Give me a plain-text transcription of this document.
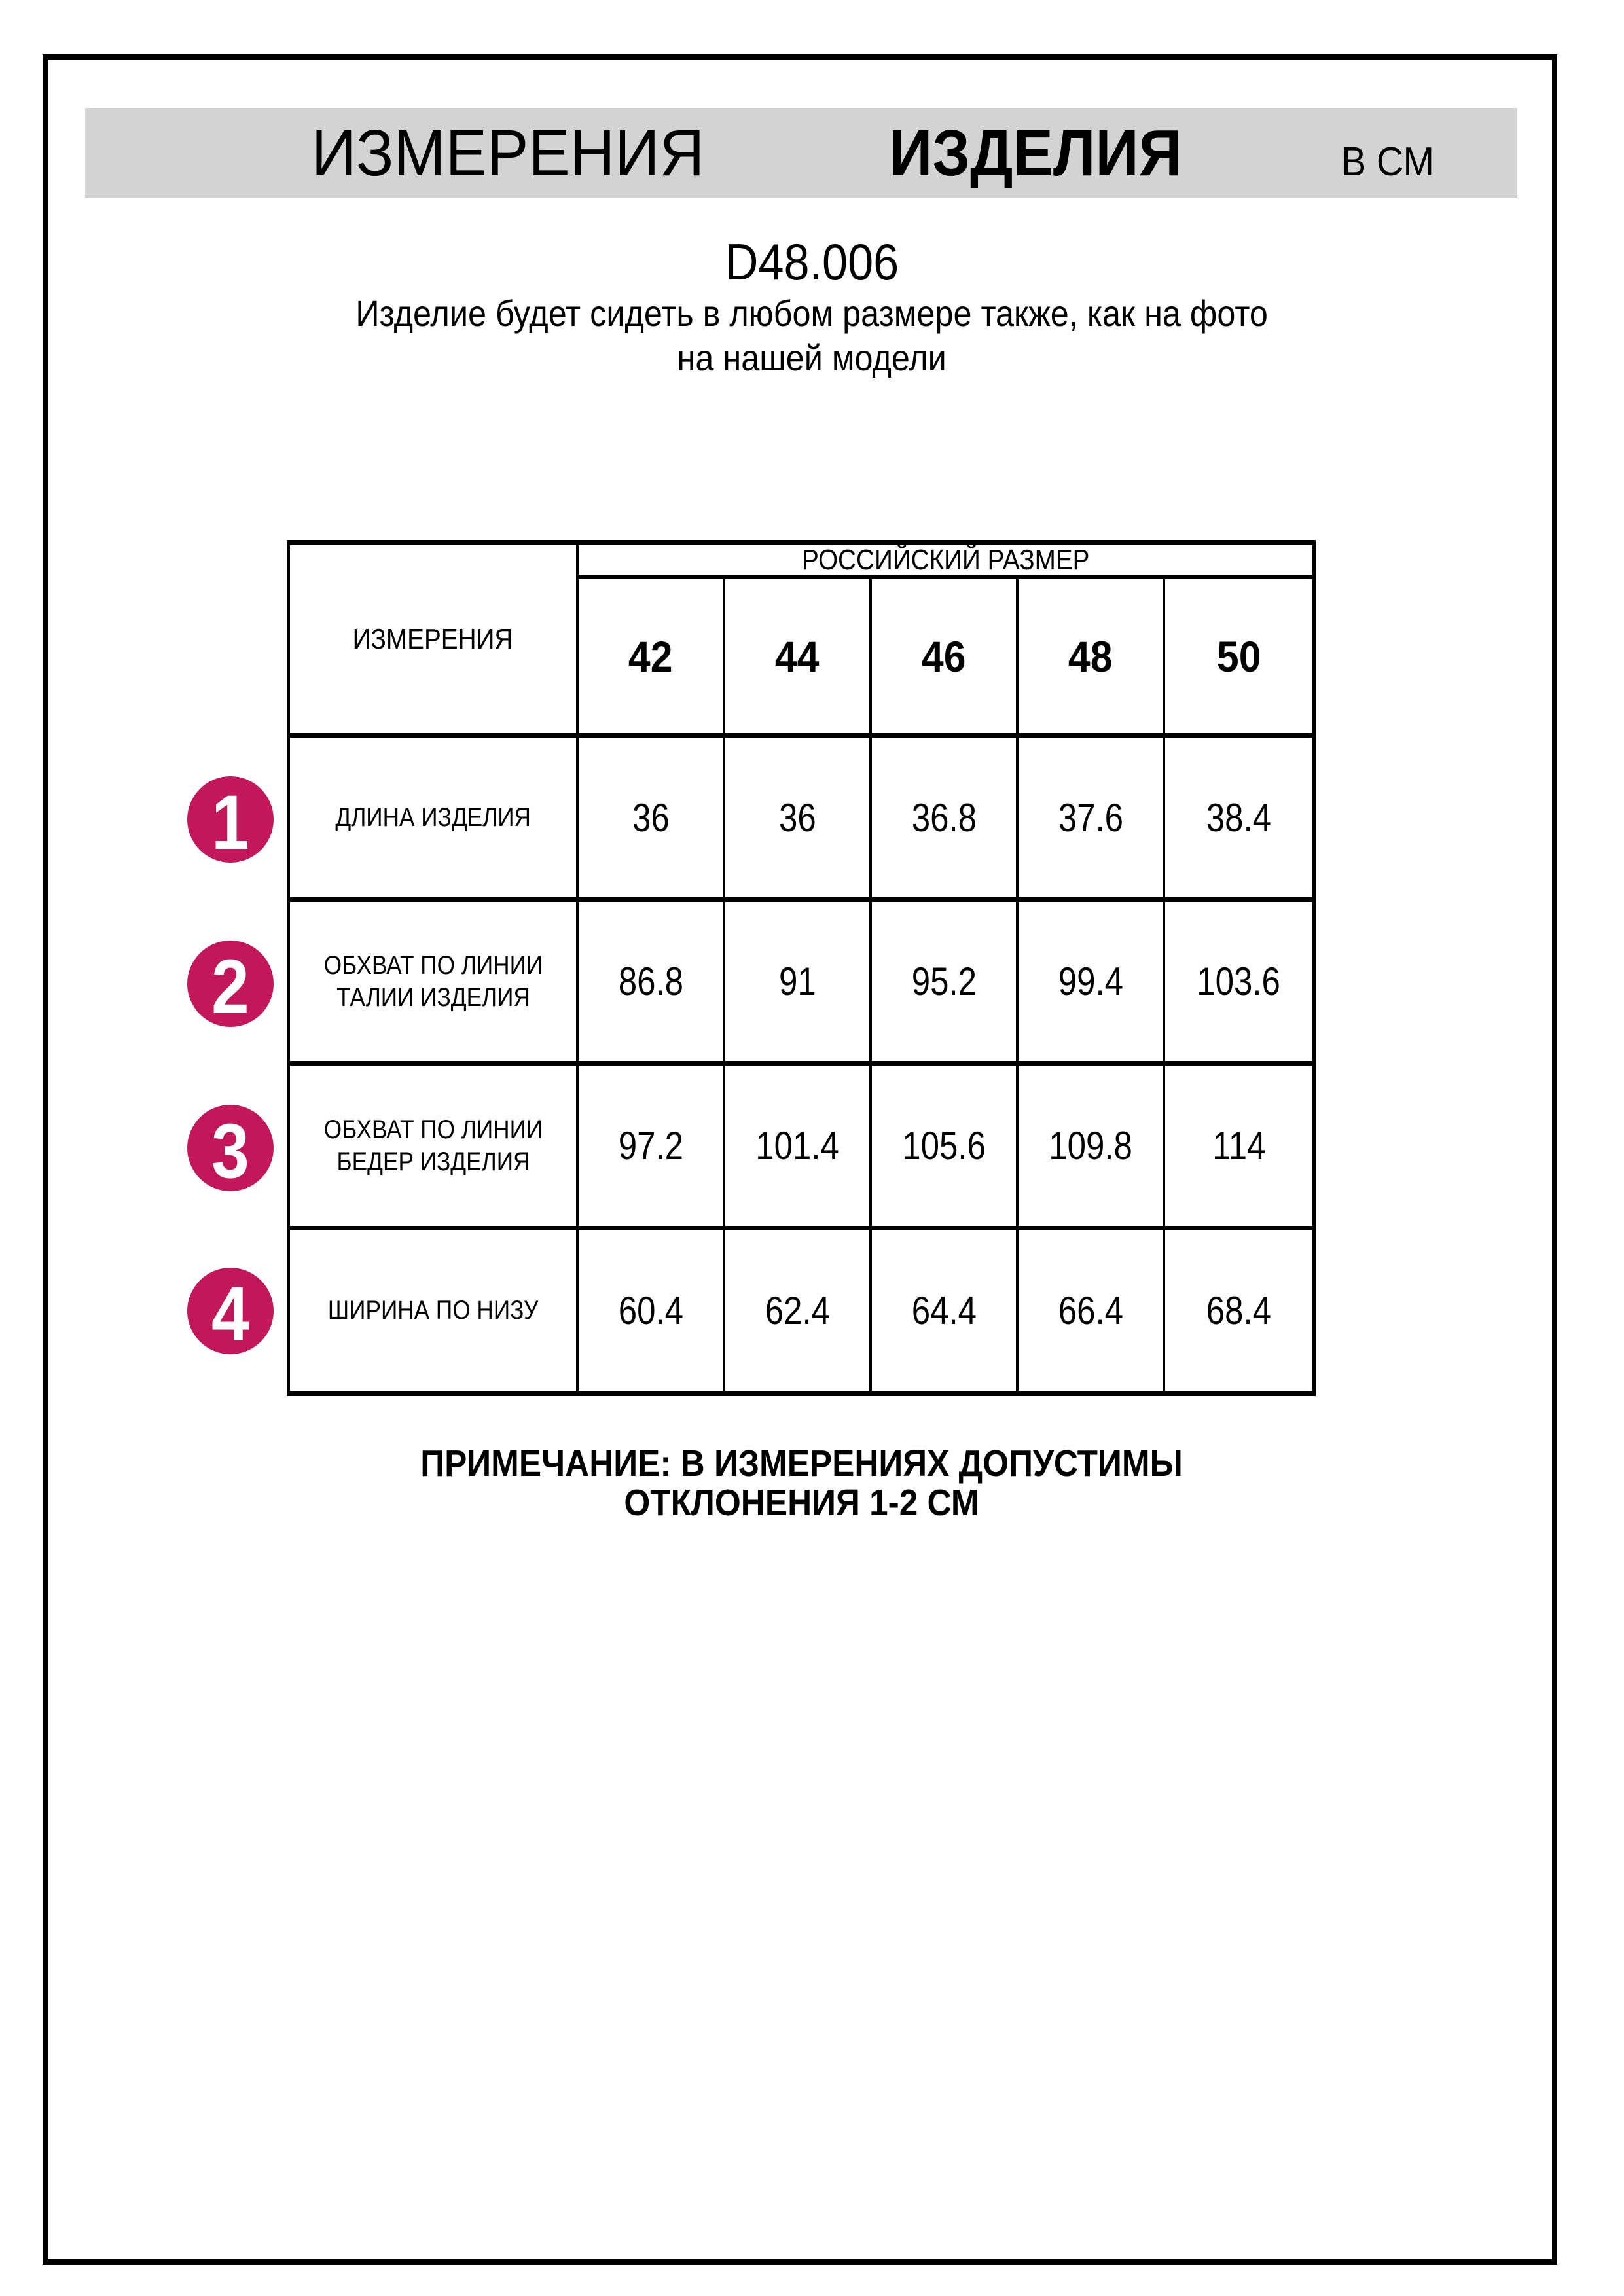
ИЗМЕРЕНИЯ	ИЗДЕЛИЯ	В СМ
D48.006
Изделие будет сидеть в любом размере также, как на фото
на нашей модели
ИЗМЕРЕНИЯ
РОССИЙСКИЙ РАЗМЕР
42 44 46 48 50
ДЛИНА ИЗДЕЛИЯ	36	36 36.8 37.6 38.4
ОБХВАТ ПО ЛИНИИ
ТАЛИИ ИЗДЕЛИЯ	86.8 91 95.2 99.4 103.6
ОБХВАТ ПО ЛИНИИ
БЕДЕР ИЗДЕЛИЯ	97.2 101.4 105.6 109.8 114
ШИРИНА ПО НИЗУ 60.4 62.4 64.4 66.4 68.4
1
2
3
4
ПРИМЕЧАНИЕ: В ИЗМЕРЕНИЯХ ДОПУСТИМЫ ОТКЛОНЕНИЯ 1-2 СМ
